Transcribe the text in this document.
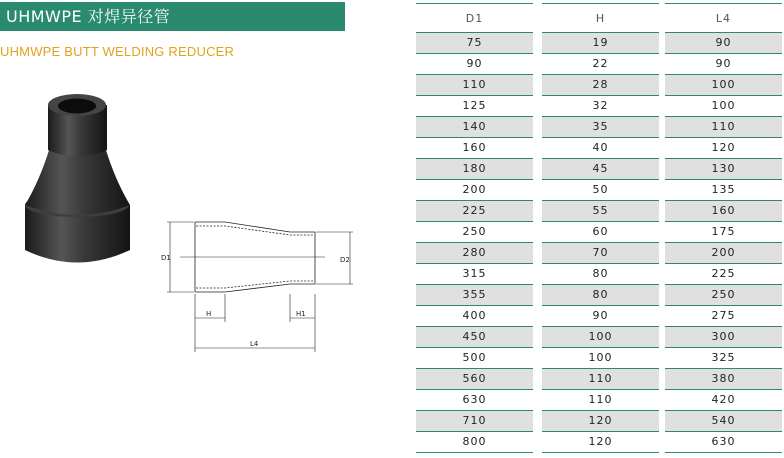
UHMWPE 对焊异径管
UHMWPE BUTT WELDING REDUCER
D1	D2
H	H1
L4
D1
75
90
110
125
140
160
180
200
225
250
280
315
355
400
450
500
560
630
710
800
H
19
22
28
32
35
40
45
50
55
60
70
80
80
90
100
100
110
110
120
120
L4
90
90
100
100
110
120
130
135
160
175
200
225
250
275
300
325
380
420
540
630
